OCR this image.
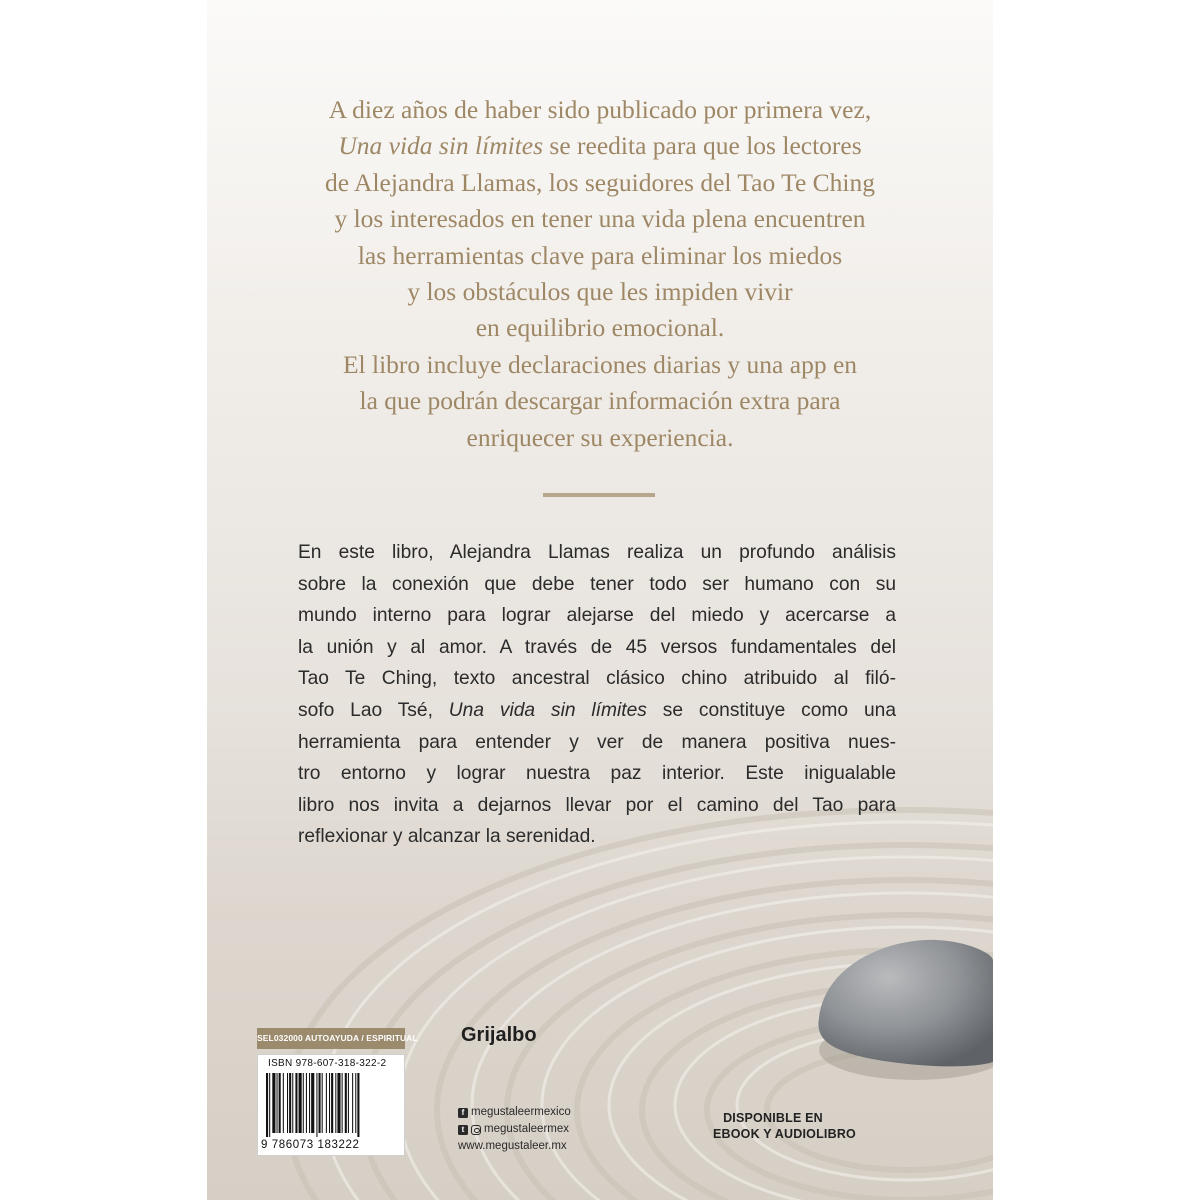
A diez años de haber sido publicado por primera vez,

Una vida sin límites se reedita para que los lectores

de Alejandra Llamas, los seguidores del Tao Te Ching

y los interesados en tener una vida plena encuentren

las herramientas clave para eliminar los miedos

y los obstáculos que les impiden vivir

en equilibrio emocional.

El libro incluye declaraciones diarias y una app en

la que podrán descargar información extra para

enriquecer su experiencia.

En este libro, Alejandra Llamas realiza un profundo análisis
sobre la conexión que debe tener todo ser humano con su
mundo interno para lograr alejarse del miedo y acercarse a
la unión y al amor. A través de 45 versos fundamentales del
Tao Te Ching, texto ancestral clásico chino atribuido al filó-
sofo Lao Tsé, Una vida sin límites se constituye como una
herramienta para entender y ver de manera positiva nues-
tro entorno y lograr nuestra paz interior. Este inigualable
libro nos invita a dejarnos llevar por el camino del Tao para
reflexionar y alcanzar la serenidad.
SEL032000 AUTOAYUDA / ESPIRITUAL Grijalbo
ISBN 978-607-318-322-2
9 786073 183222
f megustaleermexico
t	megustaleermex
www.megustaleer.mx
DISPONIBLE EN
EBOOK Y AUDIOLIBRO
